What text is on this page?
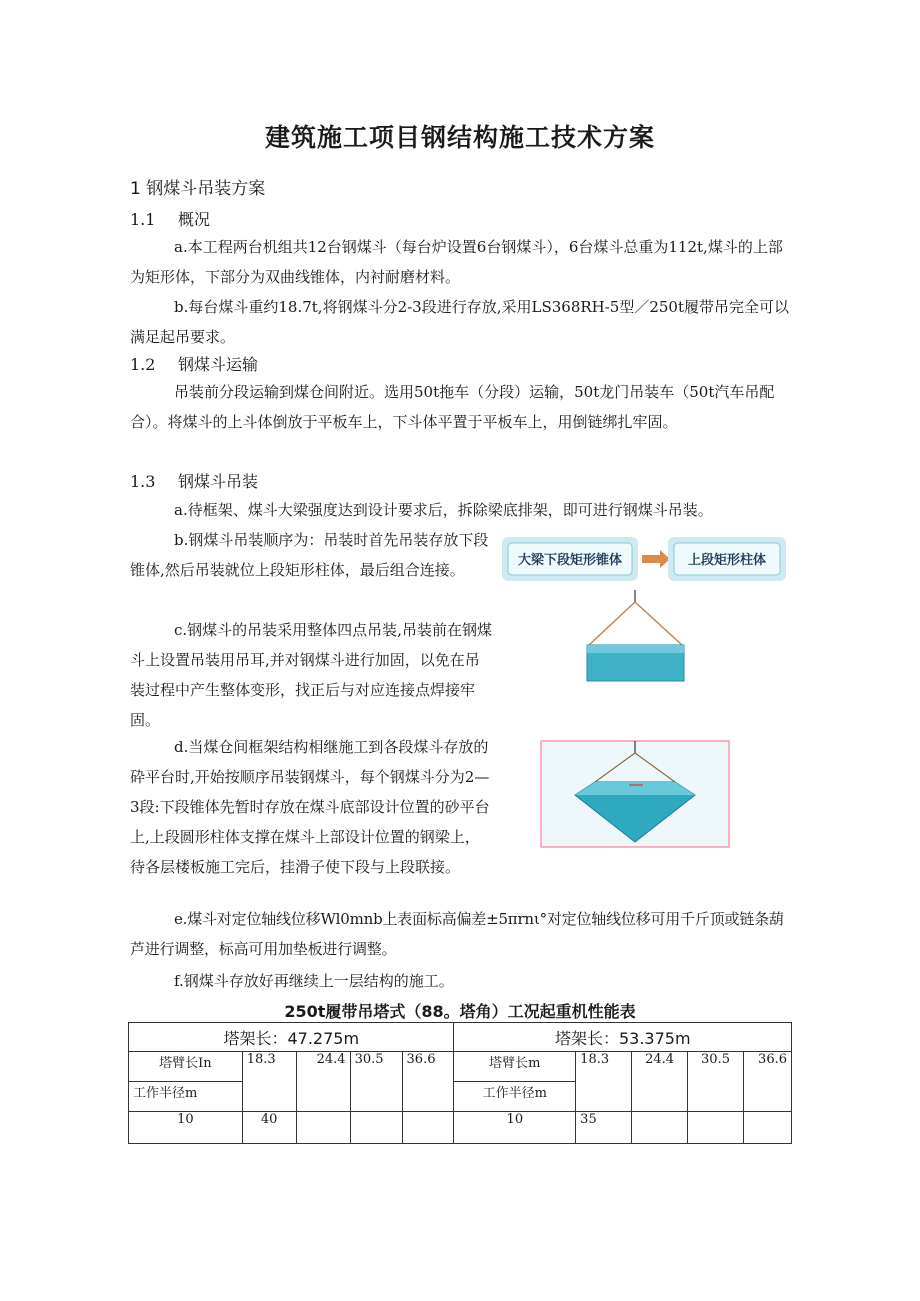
建筑施工项目钢结构施工技术方案
1 钢煤斗吊装方案
1.1 概况
a.本工程两台机组共12台钢煤斗（每台炉设置6台钢煤斗），6台煤斗总重为112t,煤斗的上部为矩形体，下部分为双曲线锥体，内衬耐磨材料。
b.每台煤斗重约18.7t,将钢煤斗分2-3段进行存放,采用LS368RH-5型／250t履带吊完全可以满足起吊要求。
1.2 钢煤斗运输
吊装前分段运输到煤仓间附近。选用50t拖车（分段）运输，50t龙门吊装车（50t汽车吊配合）。将煤斗的上斗体倒放于平板车上，下斗体平置于平板车上，用倒链绑扎牢固。
1.3 钢煤斗吊装
a.待框架、煤斗大梁强度达到设计要求后，拆除梁底排架，即可进行钢煤斗吊装。
b.钢煤斗吊装顺序为：吊装时首先吊装存放下段锥体,然后吊装就位上段矩形柱体，最后组合连接。
c.钢煤斗的吊装采用整体四点吊装,吊装前在钢煤斗上设置吊装用吊耳,并对钢煤斗进行加固，以免在吊装过程中产生整体变形，找正后与对应连接点焊接牢固。
d.当煤仓间框架结构相继施工到各段煤斗存放的砕平台时,开始按顺序吊装钢煤斗，每个钢煤斗分为2—3段:下段锥体先暂时存放在煤斗底部设计位置的砂平台上,上段圆形柱体支撑在煤斗上部设计位置的钢梁上，待各层楼板施工完后，挂滑子使下段与上段联接。
e.煤斗对定位轴线位移Wl0mnb上表面标高偏差±5πrnι°对定位轴线位移可用千斤顶或链条葫芦进行调整，标高可用加垫板进行调整。
f.钢煤斗存放好再继续上一层结构的施工。
大梁下段矩形锥体	上段矩形柱体
250t履带吊塔式（88。塔角）工况起重机性能表
塔架长：47.275m					塔架长：53.375m				
塔臂长In	18.3	24.4	30.5	36.6	塔臂长m	18.3	24.4	30.5	36.6
工作半径m					工作半径m				
10	40				10	35			
